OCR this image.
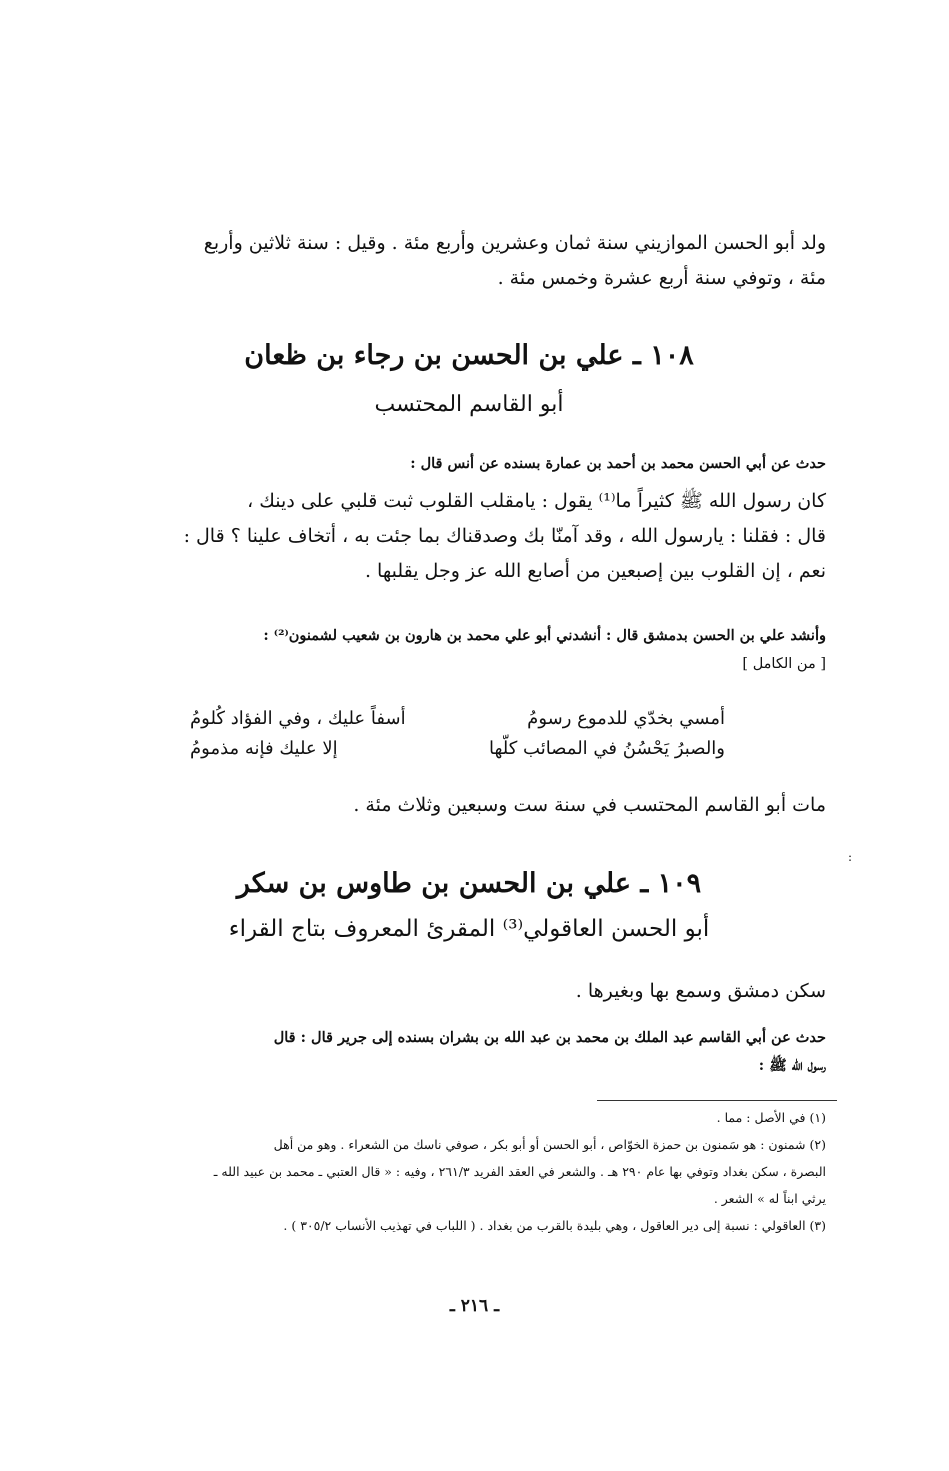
ولد أبو الحسن الموازيني سنة ثمان وعشرين وأربع مئة . وقيل : سنة ثلاثين وأربع
مئة ، وتوفي سنة أربع عشرة وخمس مئة .
١٠٨ ـ علي بن الحسن بن رجاء بن ظعان
أبو القاسم المحتسب
حدث عن أبي الحسن محمد بن أحمد بن عمارة بسنده عن أنس قال :
كان رسول الله ﷺ كثيراً ما⁽¹⁾ يقول : يامقلب القلوب ثبت قلبي على دينك ،
قال : فقلنا : يارسول الله ، وقد آمنّا بك وصدقناك بما جئت به ، أتخاف علينا ؟ قال :
نعم ، إن القلوب بين إصبعين من أصابع الله عز وجل يقلبها .
وأنشد علي بن الحسن بدمشق قال : أنشدني أبو علي محمد بن هارون بن شعيب لشمنون⁽²⁾ :
[ من الكامل ]
أمسي بخدّي للدموع رسومُ
أسفاً عليك ، وفي الفؤاد كُلومُ
والصبرُ يَحْسُنُ في المصائب كلّها
إلا عليك فإنه مذمومُ
مات أبو القاسم المحتسب في سنة ست وسبعين وثلاث مئة .
:
١٠٩ ـ علي بن الحسن بن طاوس بن سكر
أبو الحسن العاقولي⁽³⁾ المقرئ المعروف بتاج القراء
سكن دمشق وسمع بها وبغيرها .
حدث عن أبي القاسم عبد الملك بن محمد بن عبد الله بن بشران بسنده إلى جرير قال : قال
رسول الله ﷺ :
(١) في الأصل : مما .
(٢) شمنون : هو سَمنون بن حمزة الخوّاص ، أبو الحسن أو أبو بكر ، صوفي ناسك من الشعراء . وهو من أهل
البصرة ، سكن بغداد وتوفي بها عام ٢٩٠ هـ . والشعر في العقد الفريد ٢٦١/٣ ، وفيه : « قال العتبي ـ محمد بن عبيد الله ـ
يرثي ابناً له » الشعر .
(٣) العاقولي : نسبة إلى دير العاقول ، وهي بليدة بالقرب من بغداد . ( اللباب في تهذيب الأنساب ٣٠٥/٢ ) .
ـ ٢١٦ ـ
